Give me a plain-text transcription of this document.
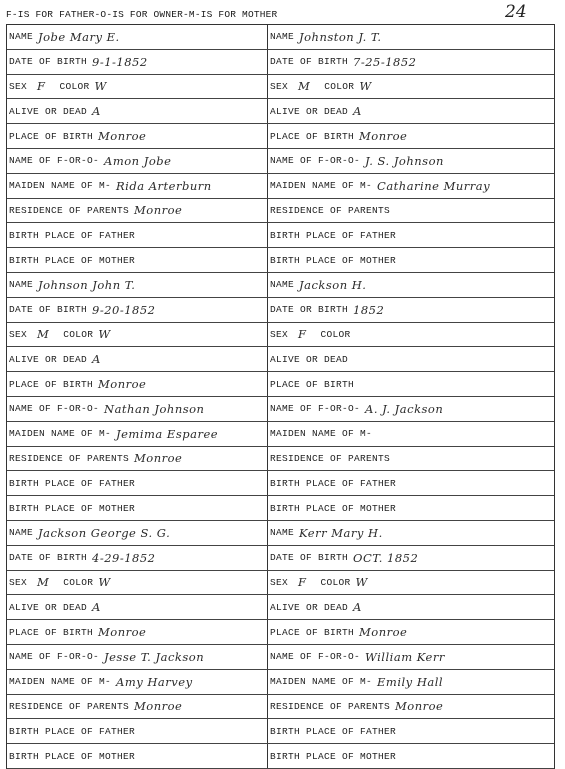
F-IS FOR FATHER-O-IS FOR OWNER-M-IS FOR MOTHER	24
NAME Jobe Mary E.	NAME Johnston J. T.
DATE OF BIRTH 9-1-1852	DATE OF BIRTH 7-25-1852
SEX F COLOR W	SEX M COLOR W
ALIVE OR DEAD A	ALIVE OR DEAD A
PLACE OF BIRTH Monroe	PLACE OF BIRTH Monroe
NAME OF F-OR-O- Amon Jobe	NAME OF F-OR-O- J. S. Johnson
MAIDEN NAME OF M- Rida Arterburn	MAIDEN NAME OF M- Catharine Murray
RESIDENCE OF PARENTS Monroe	RESIDENCE OF PARENTS
BIRTH PLACE OF FATHER	BIRTH PLACE OF FATHER
BIRTH PLACE OF MOTHER	BIRTH PLACE OF MOTHER
NAME Johnson John T.	NAME Jackson H.
DATE OF BIRTH 9-20-1852	DATE OR BIRTH 1852
SEX M COLOR W	SEX F COLOR
ALIVE OR DEAD A	ALIVE OR DEAD
PLACE OF BIRTH Monroe	PLACE OF BIRTH
NAME OF F-OR-O- Nathan Johnson	NAME OF F-OR-O- A. J. Jackson
MAIDEN NAME OF M- Jemima Esparee	MAIDEN NAME OF M-
RESIDENCE OF PARENTS Monroe	RESIDENCE OF PARENTS
BIRTH PLACE OF FATHER	BIRTH PLACE OF FATHER
BIRTH PLACE OF MOTHER	BIRTH PLACE OF MOTHER
NAME Jackson George S. G.	NAME Kerr Mary H.
DATE OF BIRTH 4-29-1852	DATE OF BIRTH OCT. 1852
SEX M COLOR W	SEX F COLOR W
ALIVE OR DEAD A	ALIVE OR DEAD A
PLACE OF BIRTH Monroe	PLACE OF BIRTH Monroe
NAME OF F-OR-O- Jesse T. Jackson	NAME OF F-OR-O- William Kerr
MAIDEN NAME OF M- Amy Harvey	MAIDEN NAME OF M- Emily Hall
RESIDENCE OF PARENTS Monroe	RESIDENCE OF PARENTS Monroe
BIRTH PLACE OF FATHER	BIRTH PLACE OF FATHER
BIRTH PLACE OF MOTHER	BIRTH PLACE OF MOTHER
